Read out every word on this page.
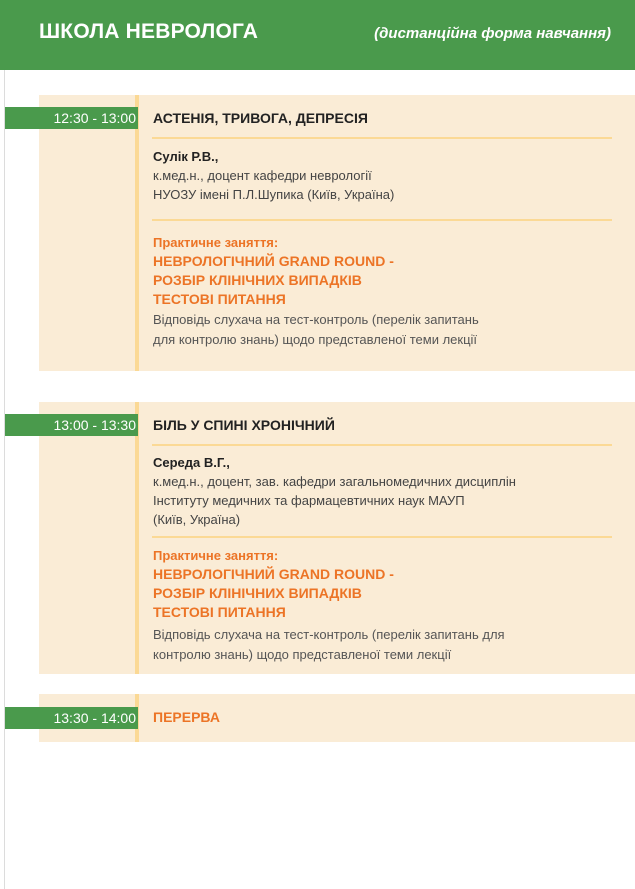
ШКОЛА НЕВРОЛОГА	(дистанційна форма навчання)
12:30 - 13:00 АСТЕНІЯ, ТРИВОГА, ДЕПРЕСІЯ
Сулік Р.В.,
к.мед.н., доцент кафедри неврології
НУОЗУ імені П.Л.Шупика (Київ, Україна)
Практичне заняття:
НЕВРОЛОГІЧНИЙ GRAND ROUND -
РОЗБІР КЛІНІЧНИХ ВИПАДКІВ
ТЕСТОВІ ПИТАННЯ
Відповідь слухача на тест-контроль (перелік запитань
для контролю знань) щодо представленої теми лекції
13:00 - 13:30 БІЛЬ У СПИНІ ХРОНІЧНИЙ
Середа В.Г.,
к.мед.н., доцент, зав. кафедри загальномедичних дисциплін
Інституту медичних та фармацевтичних наук МАУП
(Київ, Україна)
Практичне заняття:
НЕВРОЛОГІЧНИЙ GRAND ROUND -
РОЗБІР КЛІНІЧНИХ ВИПАДКІВ
ТЕСТОВІ ПИТАННЯ
Відповідь слухача на тест-контроль (перелік запитань для
контролю знань) щодо представленої теми лекції
13:30 - 14:00 ПЕРЕРВА
